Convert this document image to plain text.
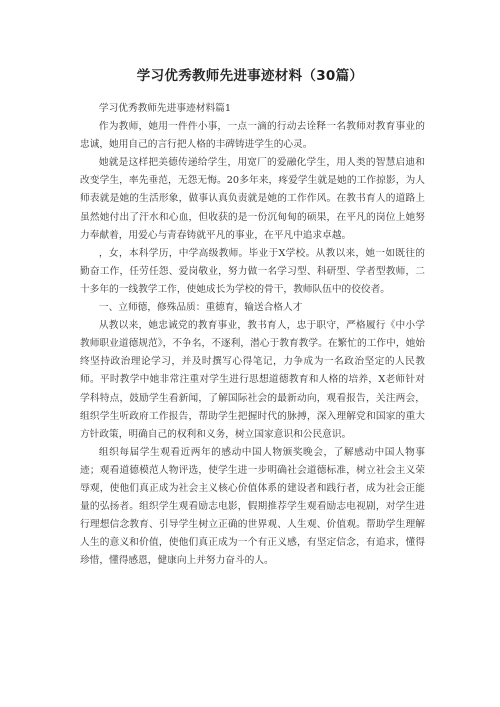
学习优秀教师先进事迹材料（30篇）

学习优秀教师先进事迹材料篇1

作为教师，她用一件件小事，一点一滴的行动去诠释一名教师对教育事业的忠诚，她用自己的言行把人格的丰碑铸进学生的心灵。

她就是这样把美德传递给学生，用宽厂的爱融化学生，用人类的智慧启迪和改变学生，率先垂范，无怨无悔。20多年来，疼爱学生就是她的工作掠影，为人师表就是她的生活形象，做事认真负责就是她的工作作风。在教书育人的道路上虽然她付出了汗水和心血，但收获的是一份沉甸甸的硕果，在平凡的岗位上她努力奉献着，用爱心与青春铸就平凡的事业，在平凡中追求卓越。

，女，本科学历，中学高级教师。毕业于X学校。从教以来，她一如既往的勤奋工作，任劳任怨、爱岗敬业，努力做一名学习型、科研型、学者型教师，二十多年的一线教学工作，使她成长为学校的骨干，教师队伍中的佼佼者。

一、立师德，修殊品质：重德育，输送合格人才

从教以来，她忠诚党的教育事业，教书育人，忠于职守，严格履行《中小学教师职业道德规范》，不争名，不逐利，潜心于教育教学。在繁忙的工作中，她始终坚持政治理论学习，并及时撰写心得笔记，力争成为一名政治坚定的人民教师。平时教学中她非常注重对学生进行思想道德教育和人格的培养，X老师针对学科特点，鼓励学生看新闻，了解国际社会的最新动向，观看报告，关注两会，组织学生听政府工作报告，帮助学生把握时代的脉搏，深入理解党和国家的重大方针政策，明确自己的权利和义务，树立国家意识和公民意识。

组织每届学生观看近两年的感动中国人物颁奖晚会，了解感动中国人物事迹；观看道德模范人物评选，使学生进一步明确社会道德标准，树立社会主义荣辱观，使他们真正成为社会主义核心价值体系的建设者和践行者，成为社会正能量的弘扬者。组织学生观看励志电影，假期推荐学生观看励志电视剧，对学生进行理想信念教育、引导学生树立正确的世界观、人生观、价值观。帮助学生理解人生的意义和价值，使他们真正成为一个有正义感，有坚定信念，有追求，懂得珍惜，懂得感恩，健康向上并努力奋斗的人。
